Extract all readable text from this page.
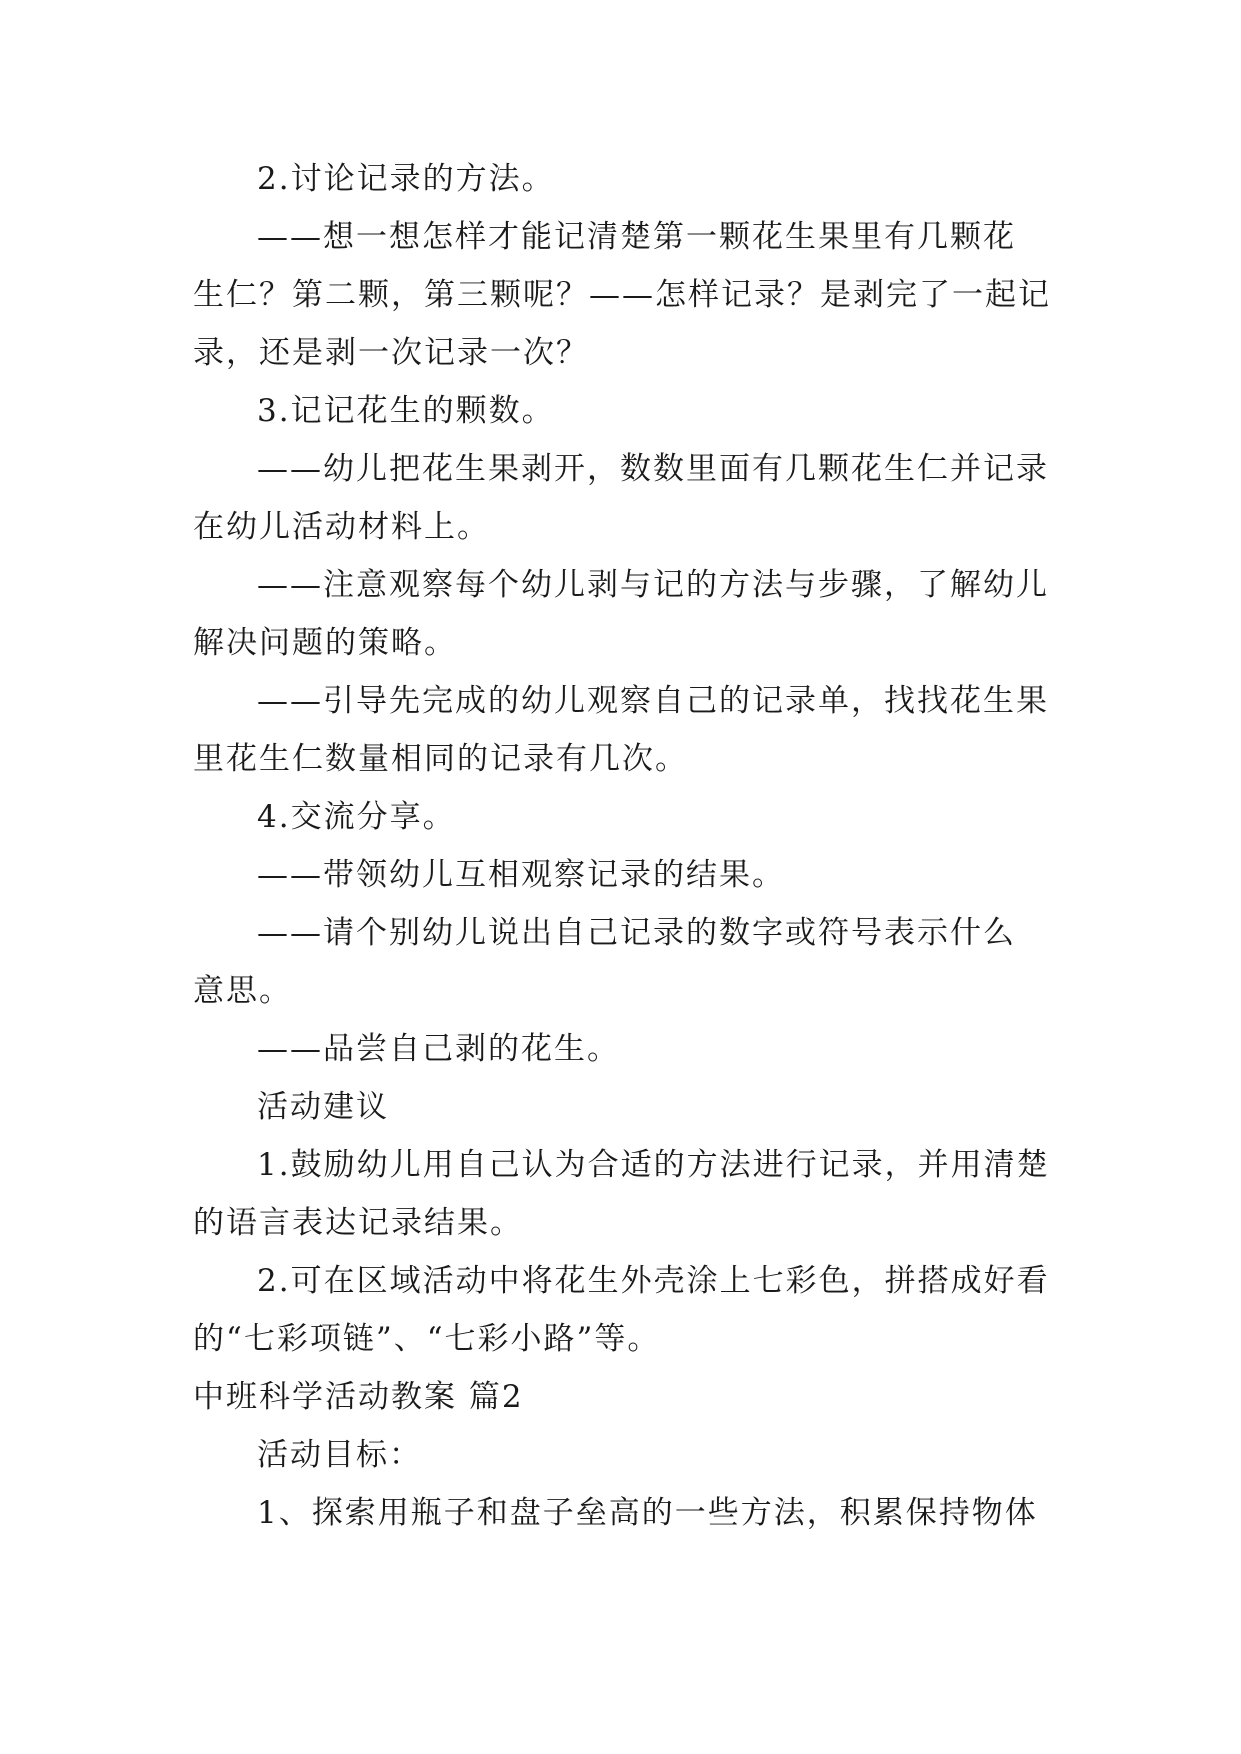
2.讨论记录的方法。
——想一想怎样才能记清楚第一颗花生果里有几颗花
生仁？第二颗，第三颗呢？——怎样记录？是剥完了一起记
录，还是剥一次记录一次？
3.记记花生的颗数。
——幼儿把花生果剥开，数数里面有几颗花生仁并记录
在幼儿活动材料上。
——注意观察每个幼儿剥与记的方法与步骤，了解幼儿
解决问题的策略。
——引导先完成的幼儿观察自己的记录单，找找花生果
里花生仁数量相同的记录有几次。
4.交流分享。
——带领幼儿互相观察记录的结果。
——请个别幼儿说出自己记录的数字或符号表示什么
意思。
——品尝自己剥的花生。
活动建议
1.鼓励幼儿用自己认为合适的方法进行记录，并用清楚
的语言表达记录结果。
2.可在区域活动中将花生外壳涂上七彩色，拼搭成好看
的“七彩项链”、“七彩小路”等。
中班科学活动教案 篇2
活动目标：
1、探索用瓶子和盘子垒高的一些方法，积累保持物体
